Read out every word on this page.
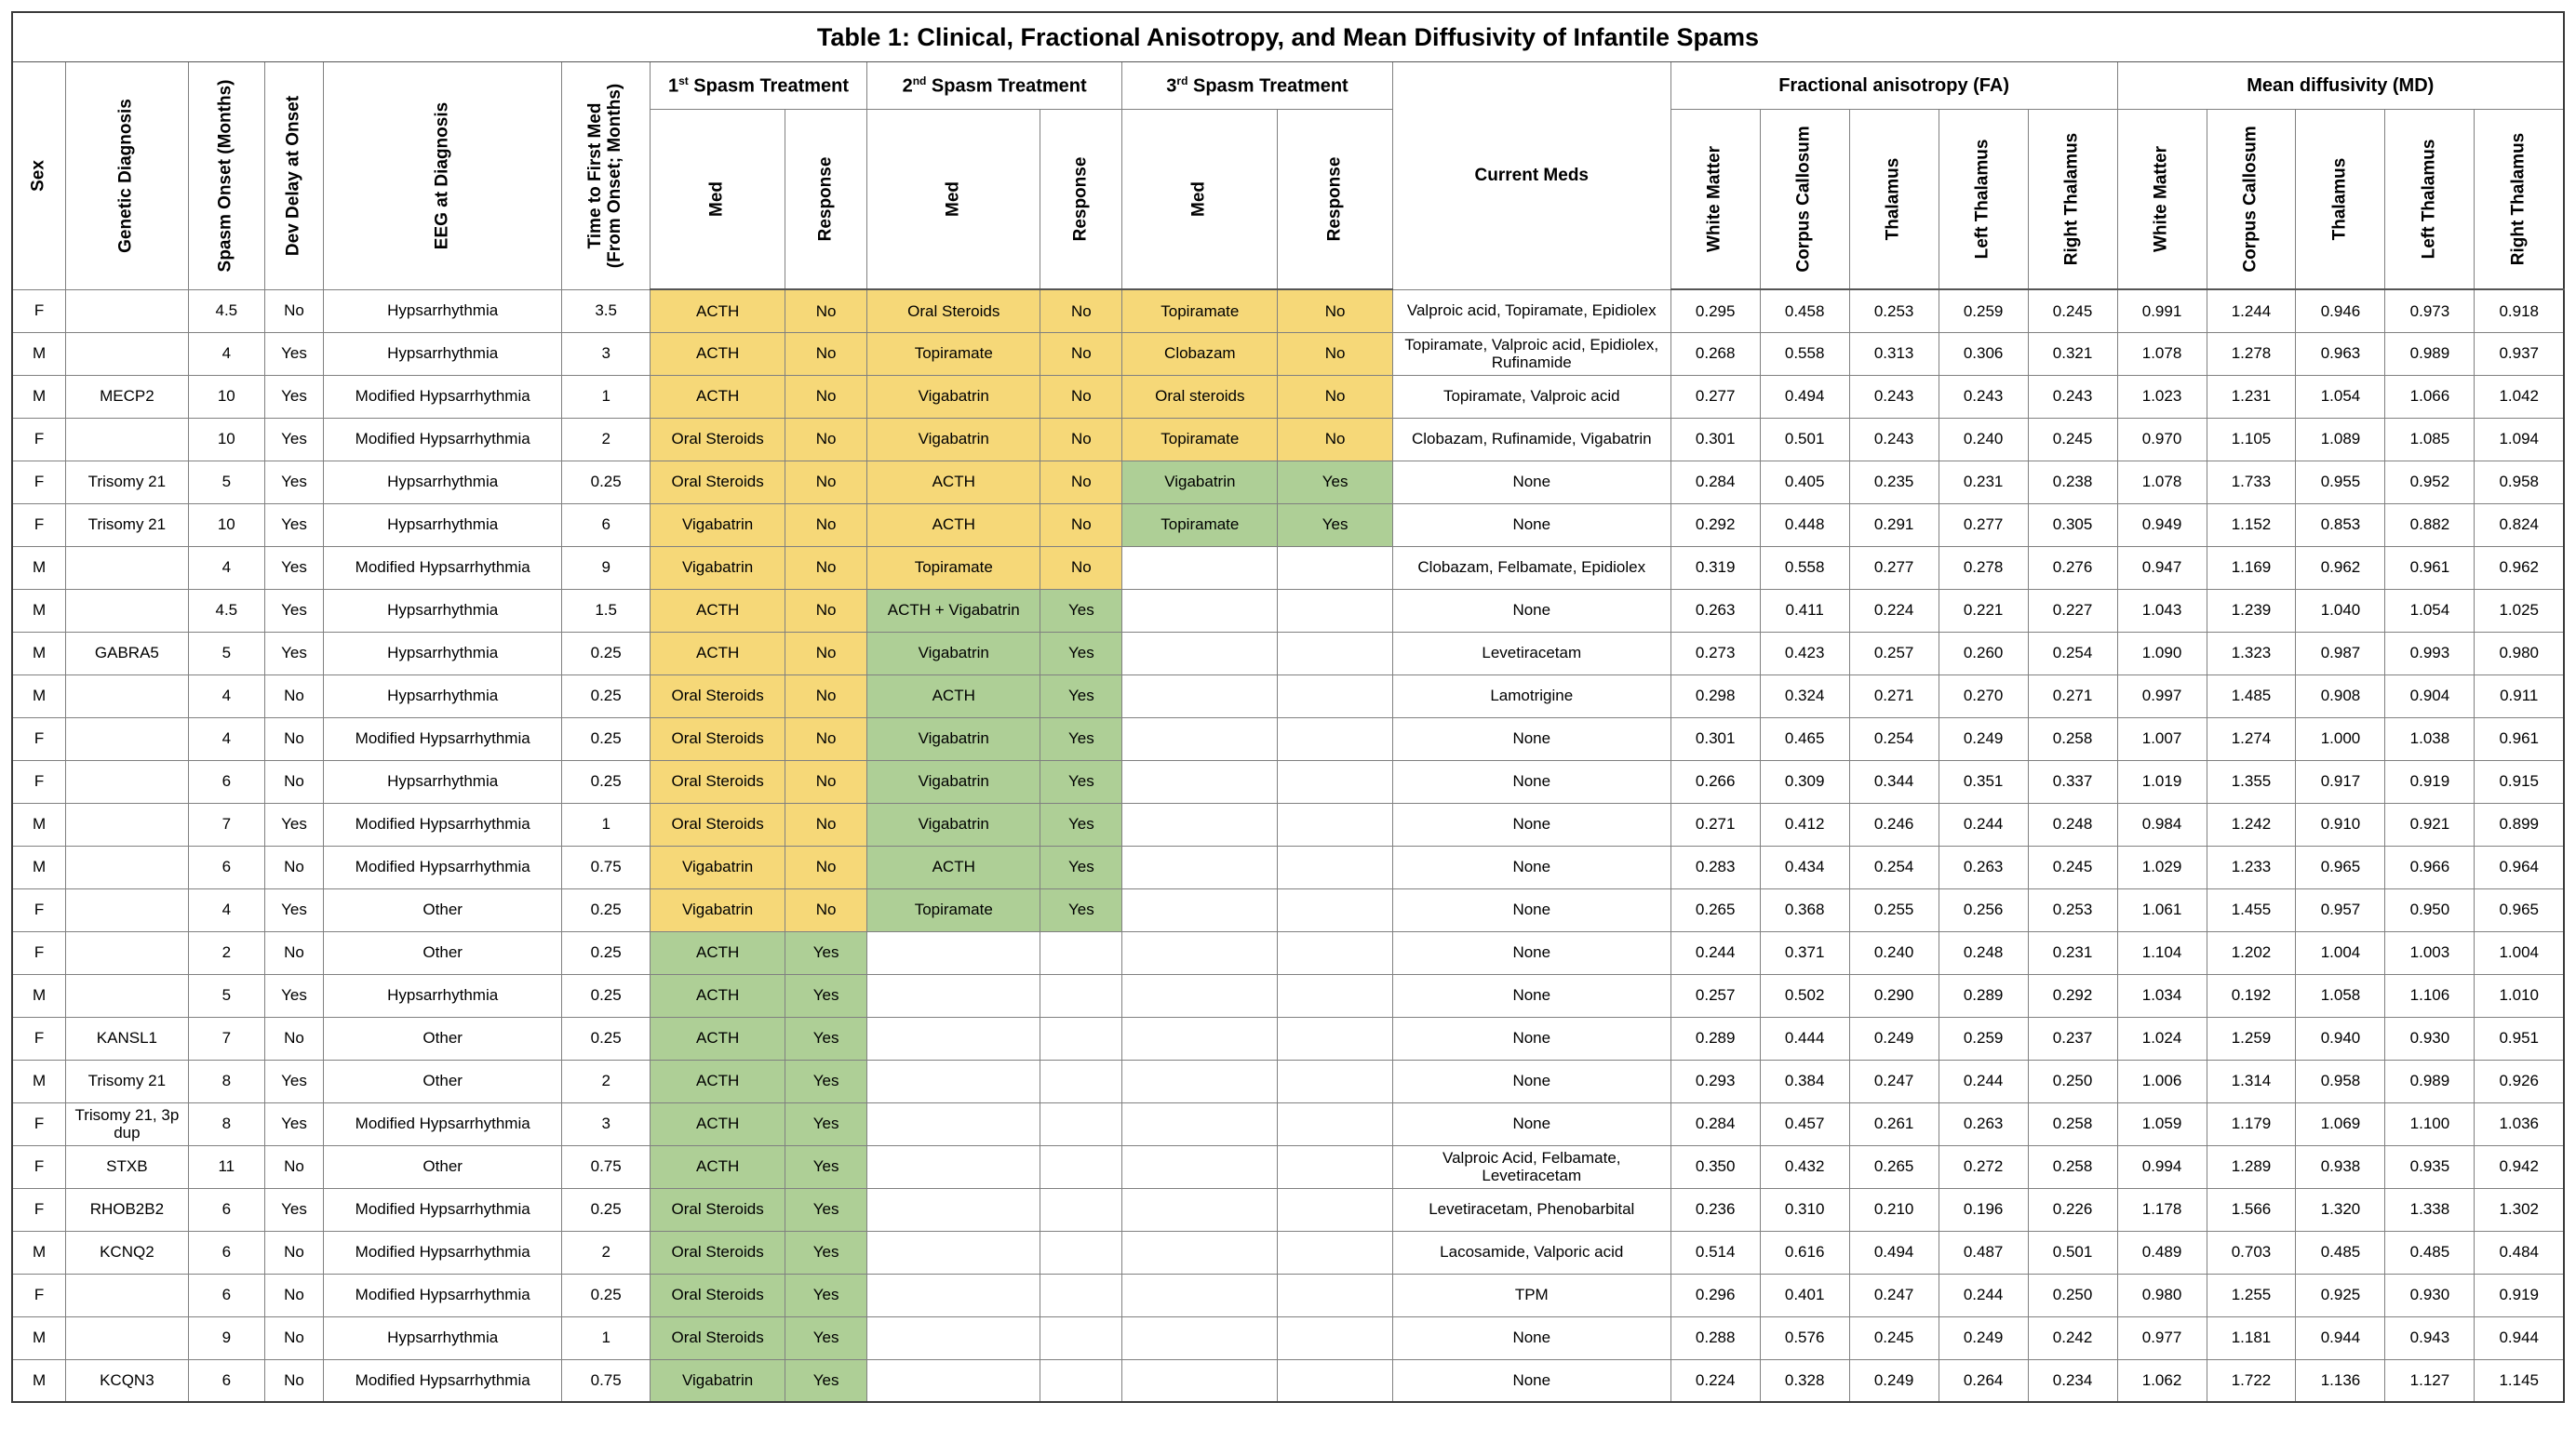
Table 1: Clinical, Fractional Anisotropy, and Mean Diffusivity of Infantile Spams																						

Sex	Genetic Diagnosis	Spasm Onset (Months)	Dev Delay at Onset	EEG at Diagnosis	Time to First Med (From Onset; Months)	1st Spasm Treatment		2nd Spasm Treatment		3rd Spasm Treatment		Current Meds	Fractional anisotropy (FA)					Mean diffusivity (MD)				

						Med	Response	Med	Response	Med	Response		White Matter	Corpus Callosum	Thalamus	Left Thalamus	Right Thalamus	White Matter	Corpus Callosum	Thalamus	Left Thalamus	Right Thalamus

F		4.5	No	Hypsarrhythmia	3.5	ACTH	No	Oral Steroids	No	Topiramate	No	Valproic acid, Topiramate, Epidiolex	0.295	0.458	0.253	0.259	0.245	0.991	1.244	0.946	0.973	0.918
M		4	Yes	Hypsarrhythmia	3	ACTH	No	Topiramate	No	Clobazam	No	Topiramate, Valproic acid, Epidiolex, Rufinamide	0.268	0.558	0.313	0.306	0.321	1.078	1.278	0.963	0.989	0.937
M	MECP2	10	Yes	Modified Hypsarrhythmia	1	ACTH	No	Vigabatrin	No	Oral steroids	No	Topiramate, Valproic acid	0.277	0.494	0.243	0.243	0.243	1.023	1.231	1.054	1.066	1.042
F		10	Yes	Modified Hypsarrhythmia	2	Oral Steroids	No	Vigabatrin	No	Topiramate	No	Clobazam, Rufinamide, Vigabatrin	0.301	0.501	0.243	0.240	0.245	0.970	1.105	1.089	1.085	1.094
F	Trisomy 21	5	Yes	Hypsarrhythmia	0.25	Oral Steroids	No	ACTH	No	Vigabatrin	Yes	None	0.284	0.405	0.235	0.231	0.238	1.078	1.733	0.955	0.952	0.958
F	Trisomy 21	10	Yes	Hypsarrhythmia	6	Vigabatrin	No	ACTH	No	Topiramate	Yes	None	0.292	0.448	0.291	0.277	0.305	0.949	1.152	0.853	0.882	0.824
M		4	Yes	Modified Hypsarrhythmia	9	Vigabatrin	No	Topiramate	No			Clobazam, Felbamate, Epidiolex	0.319	0.558	0.277	0.278	0.276	0.947	1.169	0.962	0.961	0.962
M		4.5	Yes	Hypsarrhythmia	1.5	ACTH	No	ACTH + Vigabatrin	Yes			None	0.263	0.411	0.224	0.221	0.227	1.043	1.239	1.040	1.054	1.025
M	GABRA5	5	Yes	Hypsarrhythmia	0.25	ACTH	No	Vigabatrin	Yes			Levetiracetam	0.273	0.423	0.257	0.260	0.254	1.090	1.323	0.987	0.993	0.980
M		4	No	Hypsarrhythmia	0.25	Oral Steroids	No	ACTH	Yes			Lamotrigine	0.298	0.324	0.271	0.270	0.271	0.997	1.485	0.908	0.904	0.911
F		4	No	Modified Hypsarrhythmia	0.25	Oral Steroids	No	Vigabatrin	Yes			None	0.301	0.465	0.254	0.249	0.258	1.007	1.274	1.000	1.038	0.961
F		6	No	Hypsarrhythmia	0.25	Oral Steroids	No	Vigabatrin	Yes			None	0.266	0.309	0.344	0.351	0.337	1.019	1.355	0.917	0.919	0.915
M		7	Yes	Modified Hypsarrhythmia	1	Oral Steroids	No	Vigabatrin	Yes			None	0.271	0.412	0.246	0.244	0.248	0.984	1.242	0.910	0.921	0.899
M		6	No	Modified Hypsarrhythmia	0.75	Vigabatrin	No	ACTH	Yes			None	0.283	0.434	0.254	0.263	0.245	1.029	1.233	0.965	0.966	0.964
F		4	Yes	Other	0.25	Vigabatrin	No	Topiramate	Yes			None	0.265	0.368	0.255	0.256	0.253	1.061	1.455	0.957	0.950	0.965
F		2	No	Other	0.25	ACTH	Yes					None	0.244	0.371	0.240	0.248	0.231	1.104	1.202	1.004	1.003	1.004
M		5	Yes	Hypsarrhythmia	0.25	ACTH	Yes					None	0.257	0.502	0.290	0.289	0.292	1.034	0.192	1.058	1.106	1.010
F	KANSL1	7	No	Other	0.25	ACTH	Yes					None	0.289	0.444	0.249	0.259	0.237	1.024	1.259	0.940	0.930	0.951
M	Trisomy 21	8	Yes	Other	2	ACTH	Yes					None	0.293	0.384	0.247	0.244	0.250	1.006	1.314	0.958	0.989	0.926
F	Trisomy 21, 3p dup	8	Yes	Modified Hypsarrhythmia	3	ACTH	Yes					None	0.284	0.457	0.261	0.263	0.258	1.059	1.179	1.069	1.100	1.036
F	STXB	11	No	Other	0.75	ACTH	Yes					Valproic Acid, Felbamate, Levetiracetam	0.350	0.432	0.265	0.272	0.258	0.994	1.289	0.938	0.935	0.942
F	RHOB2B2	6	Yes	Modified Hypsarrhythmia	0.25	Oral Steroids	Yes					Levetiracetam, Phenobarbital	0.236	0.310	0.210	0.196	0.226	1.178	1.566	1.320	1.338	1.302
M	KCNQ2	6	No	Modified Hypsarrhythmia	2	Oral Steroids	Yes					Lacosamide, Valporic acid	0.514	0.616	0.494	0.487	0.501	0.489	0.703	0.485	0.485	0.484
F		6	No	Modified Hypsarrhythmia	0.25	Oral Steroids	Yes					TPM	0.296	0.401	0.247	0.244	0.250	0.980	1.255	0.925	0.930	0.919
M		9	No	Hypsarrhythmia	1	Oral Steroids	Yes					None	0.288	0.576	0.245	0.249	0.242	0.977	1.181	0.944	0.943	0.944
M	KCQN3	6	No	Modified Hypsarrhythmia	0.75	Vigabatrin	Yes					None	0.224	0.328	0.249	0.264	0.234	1.062	1.722	1.136	1.127	1.145
